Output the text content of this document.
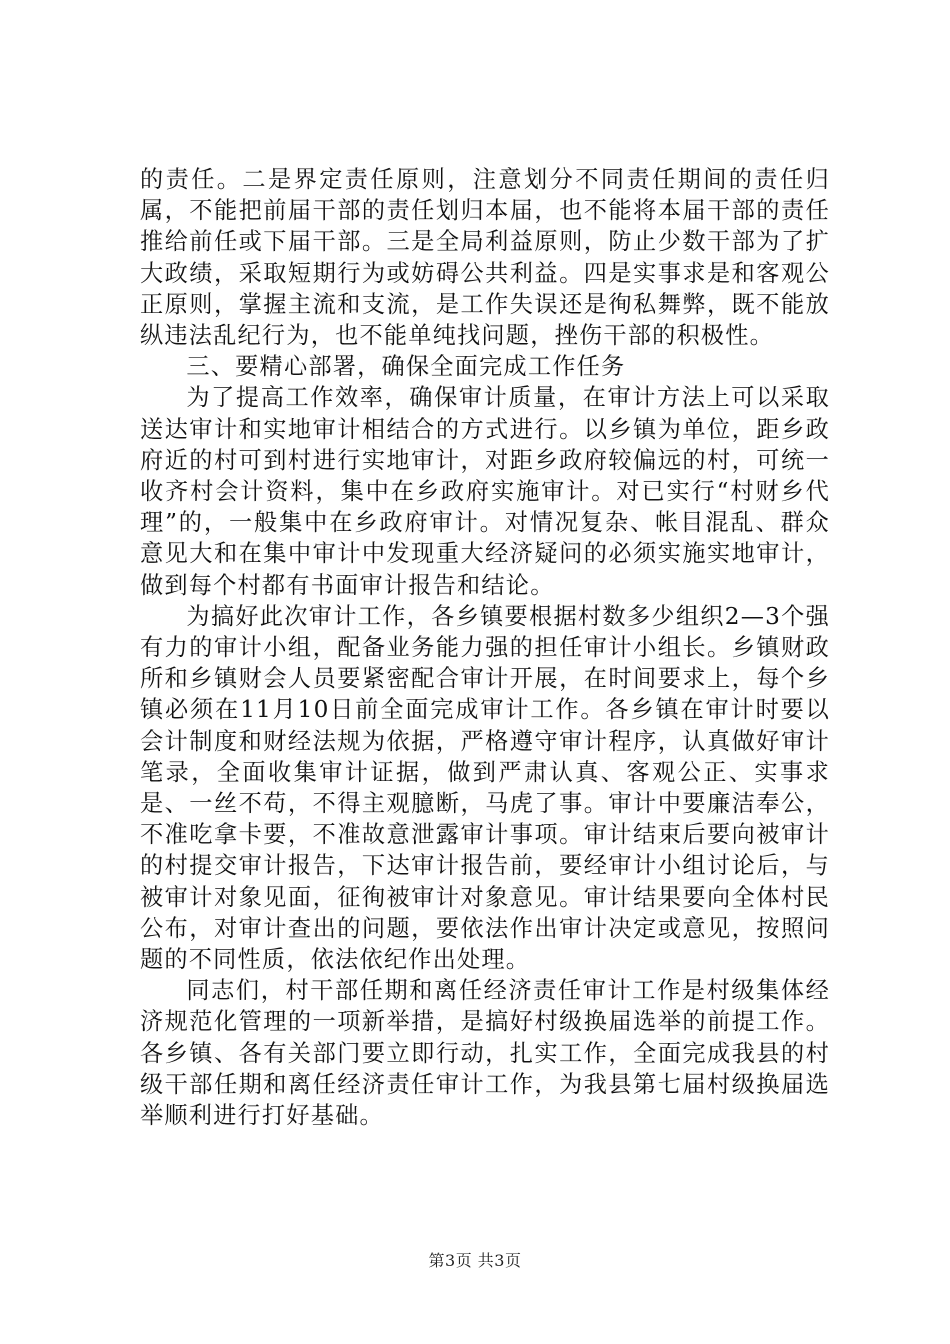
的责任。二是界定责任原则，注意划分不同责任期间的责任归属，不能把前届干部的责任划归本届，也不能将本届干部的责任推给前任或下届干部。三是全局利益原则，防止少数干部为了扩大政绩，采取短期行为或妨碍公共利益。四是实事求是和客观公正原则，掌握主流和支流，是工作失误还是徇私舞弊，既不能放纵违法乱纪行为，也不能单纯找问题，挫伤干部的积极性。

三、要精心部署，确保全面完成工作任务

为了提高工作效率，确保审计质量，在审计方法上可以采取送达审计和实地审计相结合的方式进行。以乡镇为单位，距乡政府近的村可到村进行实地审计，对距乡政府较偏远的村，可统一收齐村会计资料，集中在乡政府实施审计。对已实行“村财乡代理”的，一般集中在乡政府审计。对情况复杂、帐目混乱、群众意见大和在集中审计中发现重大经济疑问的必须实施实地审计，做到每个村都有书面审计报告和结论。

为搞好此次审计工作，各乡镇要根据村数多少组织2—3个强有力的审计小组，配备业务能力强的担任审计小组长。乡镇财政所和乡镇财会人员要紧密配合审计开展，在时间要求上，每个乡镇必须在11月10日前全面完成审计工作。各乡镇在审计时要以会计制度和财经法规为依据，严格遵守审计程序，认真做好审计笔录，全面收集审计证据，做到严肃认真、客观公正、实事求是、一丝不苟，不得主观臆断，马虎了事。审计中要廉洁奉公，不准吃拿卡要，不准故意泄露审计事项。审计结束后要向被审计的村提交审计报告，下达审计报告前，要经审计小组讨论后，与被审计对象见面，征徇被审计对象意见。审计结果要向全体村民公布，对审计查出的问题，要依法作出审计决定或意见，按照问题的不同性质，依法依纪作出处理。

同志们，村干部任期和离任经济责任审计工作是村级集体经济规范化管理的一项新举措，是搞好村级换届选举的前提工作。各乡镇、各有关部门要立即行动，扎实工作，全面完成我县的村级干部任期和离任经济责任审计工作，为我县第七届村级换届选举顺利进行打好基础。

第3页 共3页
